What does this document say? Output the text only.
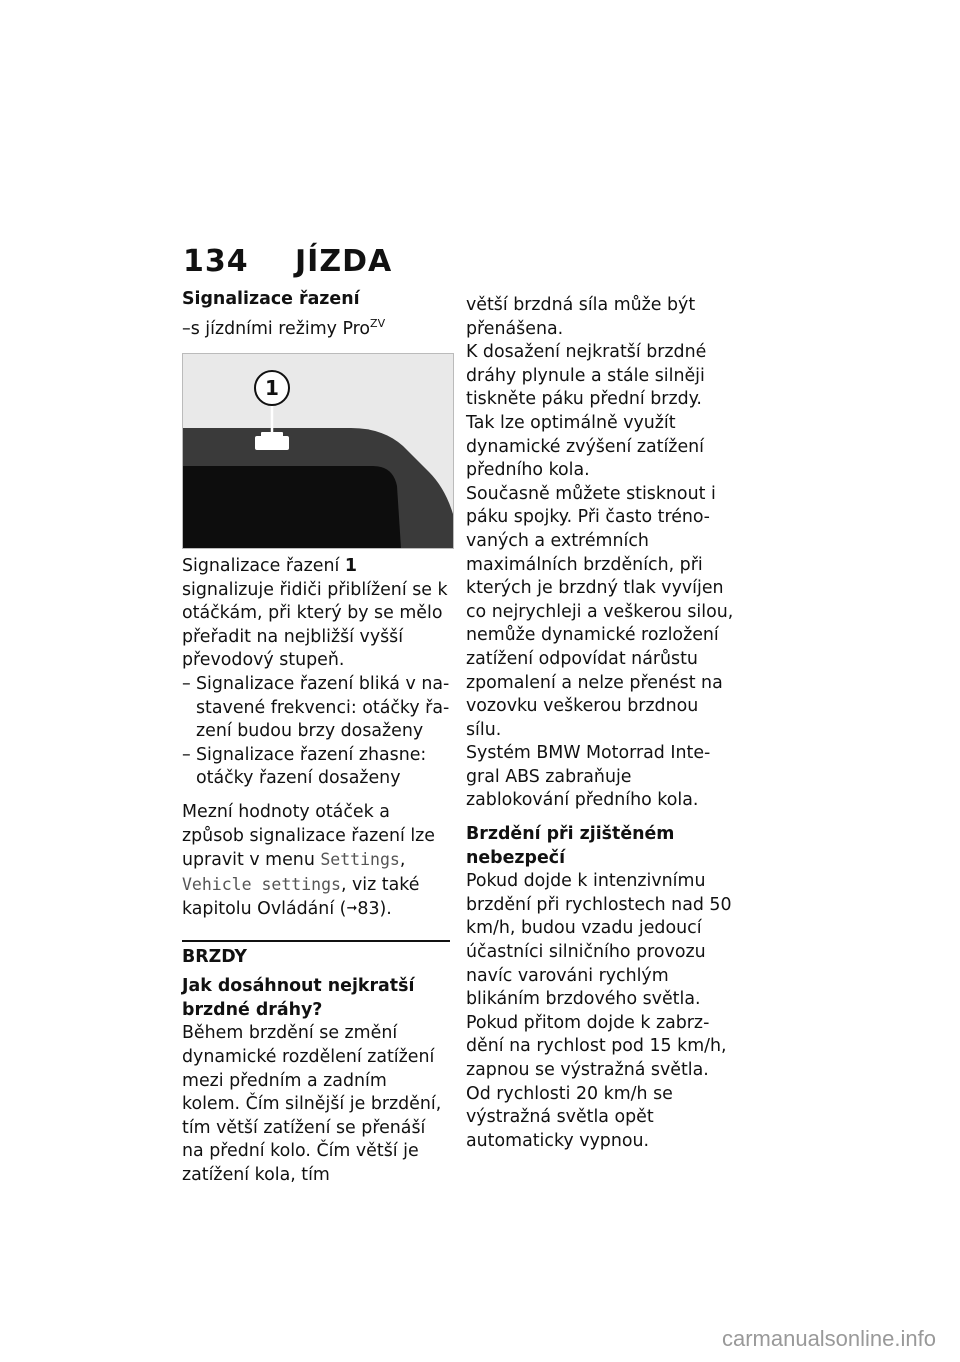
134 JÍZDA

Signalizace řazení

–s jízdními režimy Pro$^{ZV}$

1

Signalizace řazení 1 signalizuje řidiči přiblížení se k otáčkám, při který by se mělo přeřadit na nejbližší vyšší převodový stupeň.

– Signalizace řazení bliká v nastavené frekvenci: otáčky řazení budou brzy dosaženy
– Signalizace řazení zhasne: otáčky řazení dosaženy

Mezní hodnoty otáček a způsob signalizace řazení lze upravit v menu Settings, Vehicle settings, viz také kapitolu Ovládání (➞83).

BRZDY

Jak dosáhnout nejkratší brzdné dráhy?

Během brzdění se změní dynamické rozdělení zatížení mezi předním a zadním kolem. Čím silnější je brzdění, tím větší zatížení se přenáší na přední kolo. Čím větší je zatížení kola, tím

větší brzdná síla může být přenášena.

K dosažení nejkratší brzdné dráhy plynule a stále silněji tiskněte páku přední brzdy. Tak lze optimálně využít dynamické zvýšení zatížení předního kola.

Současně můžete stisknout i páku spojky. Při často trénovaných a extrémních maximálních brzděních, při kterých je brzdný tlak vyvíjen co nejrychleji a veškerou silou, nemůže dynamické rozložení zatížení odpovídat nárůstu zpomalení a nelze přenést na vozovku veškerou brzdnou sílu.

Systém BMW Motorrad Integral ABS zabraňuje zablokování předního kola.

Brzdění při zjištěném nebezpečí

Pokud dojde k intenzivnímu brzdění při rychlostech nad 50 km/h, budou vzadu jedoucí účastníci silničního provozu navíc varováni rychlým blikáním brzdového světla.

Pokud přitom dojde k zabrzdění na rychlost pod 15 km/h, zapnou se výstražná světla. Od rychlosti 20 km/h se výstražná světla opět automaticky vypnou.

carmanualsonline.info
